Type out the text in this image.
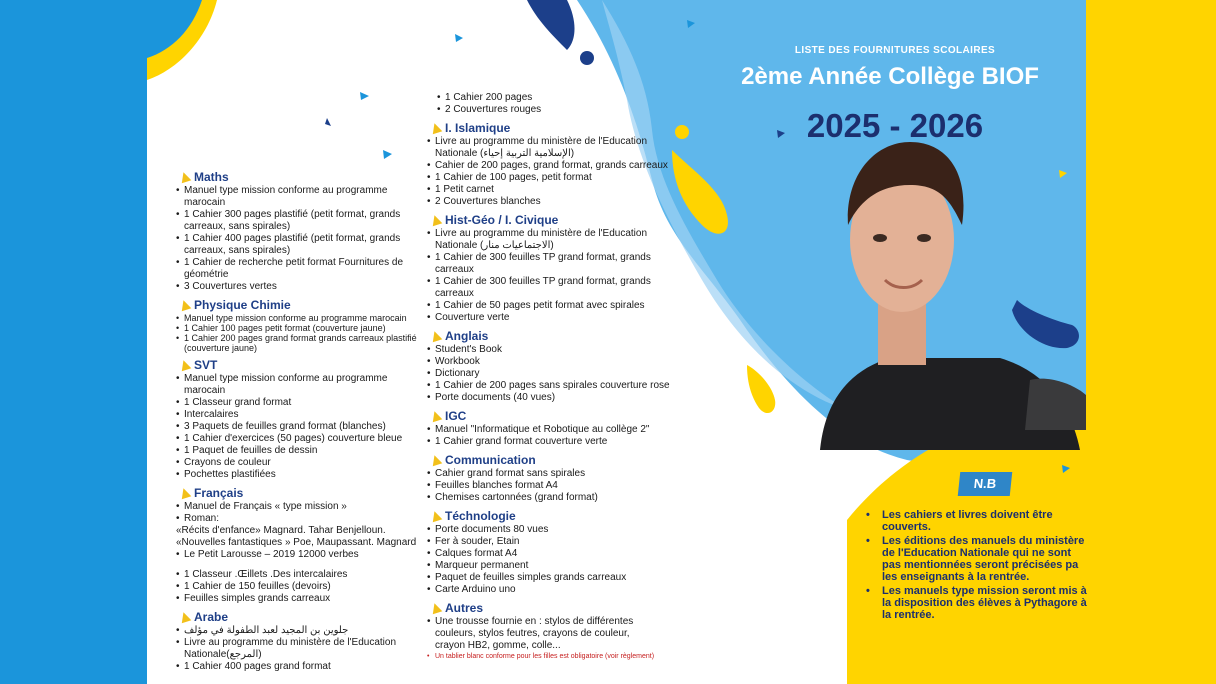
LISTE DES FOURNITURES SCOLAIRES
2ème Année Collège BIOF
2025 - 2026
Maths
• Manuel type mission conforme au programme marocain
• 1 Cahier 300 pages plastifié (petit format, grands carreaux, sans spirales)
• 1 Cahier 400 pages plastifié (petit format, grands carreaux, sans spirales)
• 1 Cahier de recherche petit format Fournitures de géométrie
• 3 Couvertures vertes
Physique Chimie
• Manuel type mission conforme au programme marocain
• 1 Cahier 100 pages petit format (couverture jaune)
• 1 Cahier 200 pages grand format grands carreaux plastifié (couverture jaune)
SVT
• Manuel type mission conforme au programme marocain
• 1 Classeur grand format
• Intercalaires
• 3 Paquets de feuilles grand format (blanches)
• 1 Cahier d'exercices (50 pages) couverture bleue
• 1 Paquet de feuilles de dessin
• Crayons de couleur
• Pochettes plastifiées
Français
• Manuel de Français « type mission »
• Roman:
«Récits d'enfance» Magnard. Tahar Benjelloun.
«Nouvelles fantastiques » Poe, Maupassant. Magnard
• Le Petit Larousse – 2019 12000 verbes
• 1 Classeur .Œillets .Des intercalaires
• 1 Cahier de 150 feuilles (devoirs)
• Feuilles simples grands carreaux
Arabe
• جلوين بن المجيد لعبد الطفولة في مؤلف
• Livre au programme du ministère de l'Education Nationale(المرجع)
• 1 Cahier 400 pages grand format
• 1 Cahier 200 pages
• 2 Couvertures rouges
I. Islamique
• Livre au programme du ministère de l'Education Nationale (الإسلامية التربية إحياء)
• Cahier de 200 pages, grand format, grands carreaux
• 1 Cahier de 100 pages, petit format
• 1 Petit carnet
• 2 Couvertures blanches
Hist-Géo / I. Civique
• Livre au programme du ministère de l'Education Nationale (الاجتماعيات منار)
• 1 Cahier de 300 feuilles TP grand format, grands carreaux
• 1 Cahier de 300 feuilles TP grand format, grands carreaux
• 1 Cahier de 50 pages petit format avec spirales
• Couverture verte
Anglais
• Student's Book
• Workbook
• Dictionary
• 1 Cahier de 200 pages sans spirales couverture rose
• Porte documents (40 vues)
IGC
• Manuel "Informatique et Robotique au collège 2"
• 1 Cahier grand format couverture verte
Communication
• Cahier grand format sans spirales
• Feuilles blanches format A4
• Chemises cartonnées (grand format)
Téchnologie
• Porte documents 80 vues
• Fer à souder, Etain
• Calques format A4
• Marqueur permanent
• Paquet de feuilles simples grands carreaux
• Carte Arduino uno
Autres
• Une trousse fournie en : stylos de différentes couleurs, stylos feutres, crayons de couleur, crayon HB2, gomme, colle...
• Un tablier blanc conforme pour les filles est obligatoire (voir règlement)
N.B
• Les cahiers et livres doivent être couverts.
• Les éditions des manuels du ministère de l'Education Nationale qui ne sont pas mentionnées seront précisées pa les enseignants à la rentrée.
• Les manuels type mission seront mis à la disposition des élèves à Pythagore à la rentrée.
